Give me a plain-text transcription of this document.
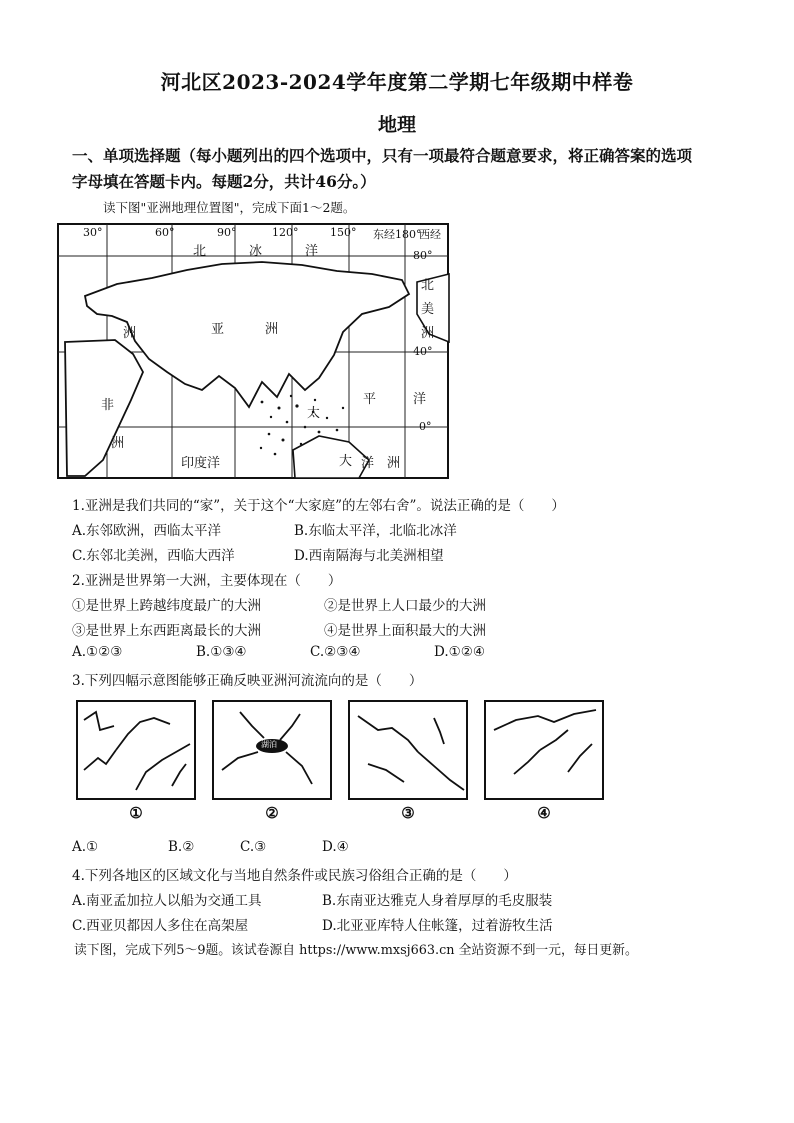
河北区2023-2024学年度第二学期七年级期中样卷
地理
一、单项选择题（每小题列出的四个选项中，只有一项最符合题意要求，将正确答案的选项
字母填在答题卡内。每题2分，共计46分。）
读下图"亚洲地理位置图"，完成下面1～2题。
30°	60°	90°	120°	150° 东经180°
西经
80°
40°
0°
北	冰	洋
亚	洲
洲
非
洲
太
平	洋
北
美
洲
大 洋 洲
印度洋
1.亚洲是我们共同的“家”，关于这个“大家庭”的左邻右舍”。说法正确的是（　　）
A.东邻欧洲，西临太平洋	B.东临太平洋，北临北冰洋
C.东邻北美洲，西临大西洋	D.西南隔海与北美洲相望
2.亚洲是世界第一大洲，主要体现在（　　）
①是世界上跨越纬度最广的大洲	②是世界上人口最少的大洲
③是世界上东西距离最长的大洲	④是世界上面积最大的大洲
A.①②③	B.①③④	C.②③④	D.①②④
3.下列四幅示意图能够正确反映亚洲河流流向的是（　　）
湖泊
①	②	③	④
A.①	B.②	C.③	D.④
4.下列各地区的区域文化与当地自然条件或民族习俗组合正确的是（　　）
A.南亚孟加拉人以船为交通工具	B.东南亚达雅克人身着厚厚的毛皮服装
C.西亚贝都因人多住在高架屋	D.北亚亚库特人住帐篷，过着游牧生活
读下图，完成下列5～9题。该试卷源自 https://www.mxsj663.cn 全站资源不到一元，每日更新。
